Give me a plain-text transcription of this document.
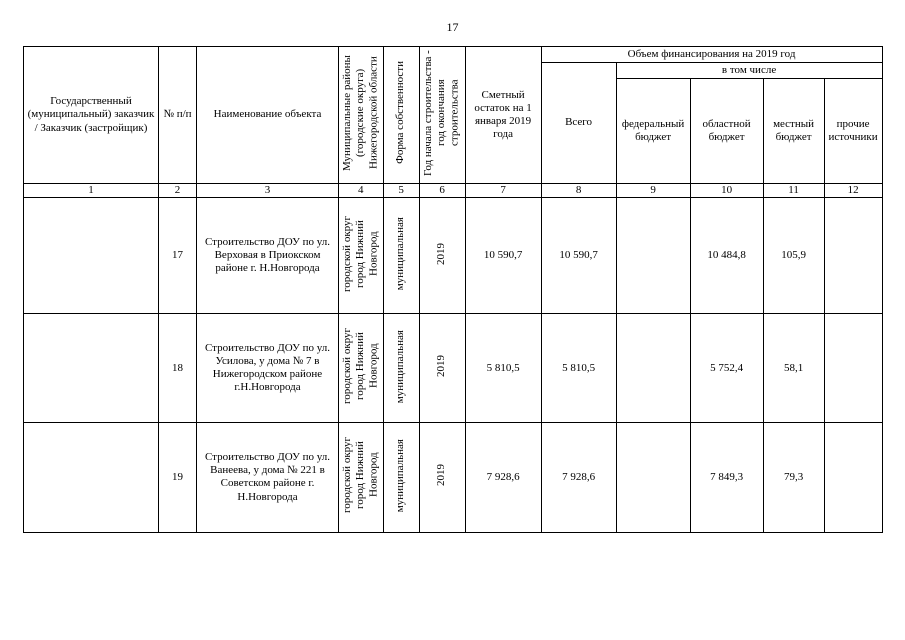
17
Государственный (муниципальный) заказчик / Заказчик (застройщик)	№ п/п	Наименование объекта	Муниципальные районы (городские округа) Нижегородской области	Форма собственности	Год начала строительства - год окончания строительства	Сметный остаток на 1 января 2019 года	Объем финансирования на 2019 год				
							Всего	в том числе			
								федеральный бюджет	областной бюджет	местный бюджет	прочие источники
1	2	3	4	5	6	7	8	9	10	11	12
	17	Строительство ДОУ по ул. Верховая в Приокском районе г. Н.Новгорода	городской округ город Нижний Новгород	муниципальная	2019	10 590,7	10 590,7		10 484,8	105,9	
	18	Строительство ДОУ по ул. Усилова, у дома № 7 в Нижегородском районе г.Н.Новгорода	городской округ город Нижний Новгород	муниципальная	2019	5 810,5	5 810,5		5 752,4	58,1	
	19	Строительство ДОУ по ул. Ванеева, у дома № 221 в Советском районе г. Н.Новгорода	городской округ город Нижний Новгород	муниципальная	2019	7 928,6	7 928,6		7 849,3	79,3	
